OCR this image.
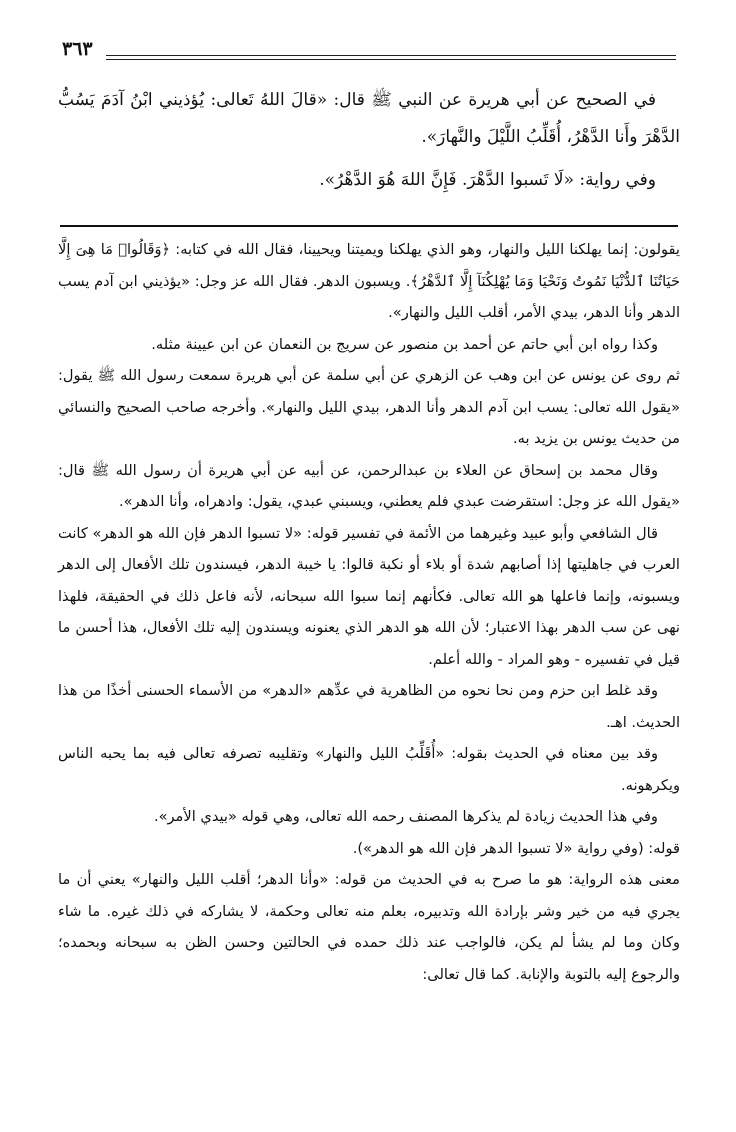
٣٦٣

في الصحيح عن أبي هريرة عن النبي ﷺ قال: «قالَ اللهُ تَعالى: يُؤذيني ابْنُ آدَمَ يَسُبُّ الدَّهْرَ وأَنا الدَّهْرُ، أُقَلِّبُ اللَّيْلَ والنَّهارَ».

وفي رواية: «لَا تَسبوا الدَّهْرَ. فَإِنَّ اللهَ هُوَ الدَّهْرُ».

يقولون: إنما يهلكنا الليل والنهار، وهو الذي يهلكنا ويميتنا ويحيينا، فقال الله في كتابه: ﴿وَقَالُوا۟ مَا هِىَ إِلَّا حَيَاتُنَا ٱلدُّنْيَا نَمُوتُ وَنَحْيَا وَمَا يُهْلِكُنَآ إِلَّا ٱلدَّهْرُ﴾. ويسبون الدهر. فقال الله عز وجل: «يؤذيني ابن آدم يسب الدهر وأنا الدهر، بيدي الأمر، أقلب الليل والنهار».

وكذا رواه ابن أبي حاتم عن أحمد بن منصور عن سريج بن النعمان عن ابن عيينة مثله.

ثم روى عن يونس عن ابن وهب عن الزهري عن أبي سلمة عن أبي هريرة سمعت رسول الله ﷺ يقول: «يقول الله تعالى: يسب ابن آدم الدهر وأنا الدهر، بيدي الليل والنهار». وأخرجه صاحب الصحيح والنسائي من حديث يونس بن يزيد به.

وقال محمد بن إسحاق عن العلاء بن عبدالرحمن، عن أبيه عن أبي هريرة أن رسول الله ﷺ قال: «يقول الله عز وجل: استقرضت عبدي فلم يعطني، ويسبني عبدي، يقول: وادهراه، وأنا الدهر».

قال الشافعي وأبو عبيد وغيرهما من الأئمة في تفسير قوله: «لا تسبوا الدهر فإن الله هو الدهر» كانت العرب في جاهليتها إذا أصابهم شدة أو بلاء أو نكبة قالوا: يا خيبة الدهر، فيسندون تلك الأفعال إلى الدهر ويسبونه، وإنما فاعلها هو الله تعالى. فكأنهم إنما سبوا الله سبحانه، لأنه فاعل ذلك في الحقيقة، فلهذا نهى عن سب الدهر بهذا الاعتبار؛ لأن الله هو الدهر الذي يعنونه ويسندون إليه تلك الأفعال، هذا أحسن ما قيل في تفسيره - وهو المراد - والله أعلم.

وقد غلط ابن حزم ومن نحا نحوه من الظاهرية في عدِّهم «الدهر» من الأسماء الحسنى أخذًا من هذا الحديث. اهـ.

وقد بين معناه في الحديث بقوله: «أُقَلِّبُ الليل والنهار» وتقليبه تصرفه تعالى فيه بما يحبه الناس ويكرهونه.

وفي هذا الحديث زيادة لم يذكرها المصنف رحمه الله تعالى، وهي قوله «بيدي الأمر».

قوله: (وفي رواية «لا تسبوا الدهر فإن الله هو الدهر»).

معنى هذه الرواية: هو ما صرح به في الحديث من قوله: «وأنا الدهر؛ أقلب الليل والنهار» يعني أن ما يجري فيه من خير وشر بإرادة الله وتدبيره، بعلم منه تعالى وحكمة، لا يشاركه في ذلك غيره. ما شاء وكان وما لم يشأ لم يكن، فالواجب عند ذلك حمده في الحالتين وحسن الظن به سبحانه وبحمده؛ والرجوع إليه بالتوبة والإنابة. كما قال تعالى:
